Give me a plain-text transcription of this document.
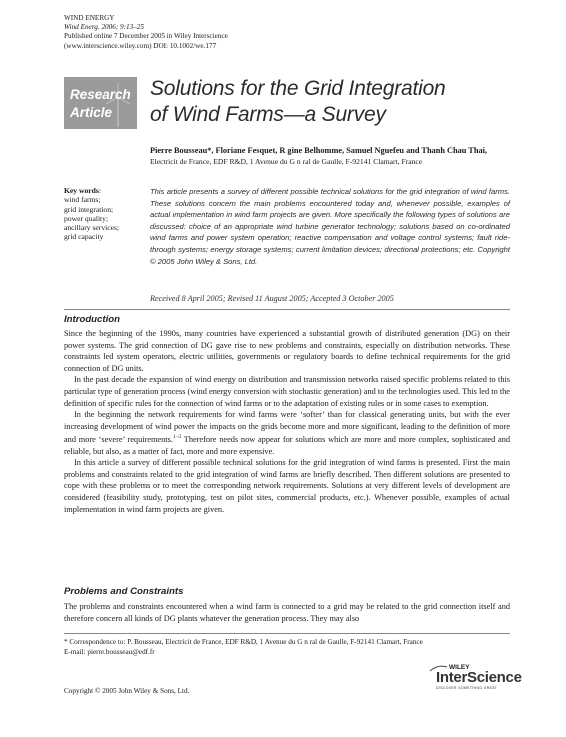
WIND ENERGY
Wind Energ. 2006; 9:13–25
Published online 7 December 2005 in Wiley Interscience
(www.interscience.wiley.com) DOI: 10.1002/we.177
Research
Article
Solutions for the Grid Integration
of Wind Farms—a Survey
Pierre Bousseau*, Floriane Fesquet, R gine Belhomme, Samuel Nguefeu and Thanh Chau Thai,
Electricit de France, EDF R&D, 1 Avenue du G n ral de Gaulle, F-92141 Clamart, France
Key words:
wind farms;
grid integration;
power quality;
ancillary services;
grid capacity
This article presents a survey of different possible technical solutions for the grid integration of wind farms. These solutions concern the main problems encountered today and, whenever possible, examples of actual implementation in wind farm projects are given. More specifically the following types of solutions are discussed: choice of an appropriate wind turbine generator technology; solutions based on co-ordinated wind farms and power system operation; reactive compensation and voltage control systems; fault ride-through systems; energy storage systems; current limitation devices; directional protections; etc. Copyright © 2005 John Wiley & Sons, Ltd.
Received 8 April 2005; Revised 11 August 2005; Accepted 3 October 2005
Introduction

Since the beginning of the 1990s, many countries have experienced a substantial growth of distributed generation (DG) on their power systems. The grid connection of DG gave rise to new problems and constraints, especially on distribution networks. These constraints led system operators, electric utilities, governments or regulatory boards to define technical requirements for the grid connection of DG units.

In the past decade the expansion of wind energy on distribution and transmission networks raised specific problems related to this particular type of generation process (wind energy conversion with stochastic generation) and to the technologies used. This led to the definition of specific rules for the connection of wind farms or to the adaptation of existing rules or in some cases to exemption.

In the beginning the network requirements for wind farms were ‘softer’ than for classical generating units, but with the ever increasing development of wind power the impacts on the grids become more and more significant, leading to the definition of more and more ‘severe’ requirements.$^{1-3}$ Therefore needs now appear for solutions which are more and more complex, sophisticated and reliable, but also, as a matter of fact, more and more expensive.

In this article a survey of different possible technical solutions for the grid integration of wind farms is presented. First the main problems and constraints related to the grid integration of wind farms are briefly described. Then different solutions are presented to cope with these problems or to meet the corresponding network requirements. Solutions at very different levels of development are considered (feasibility study, prototyping, test on pilot sites, commercial products, etc.). Whenever possible, examples of actual implementation in wind farm projects are given.

Problems and Constraints

The problems and constraints encountered when a wind farm is connected to a grid may be related to the grid connection itself and therefore concern all kinds of DG plants whatever the generation process. They may also

* Correspondence to: P. Bousseau, Electricit de France, EDF R&D, 1 Avenue du G n ral de Gaulle, F-92141 Clamart, France
E-mail: pierre.bousseau@edf.fr
Copyright © 2005 John Wiley & Sons, Ltd.
WILEY
InterScience
DISCOVER SOMETHING GREAT
